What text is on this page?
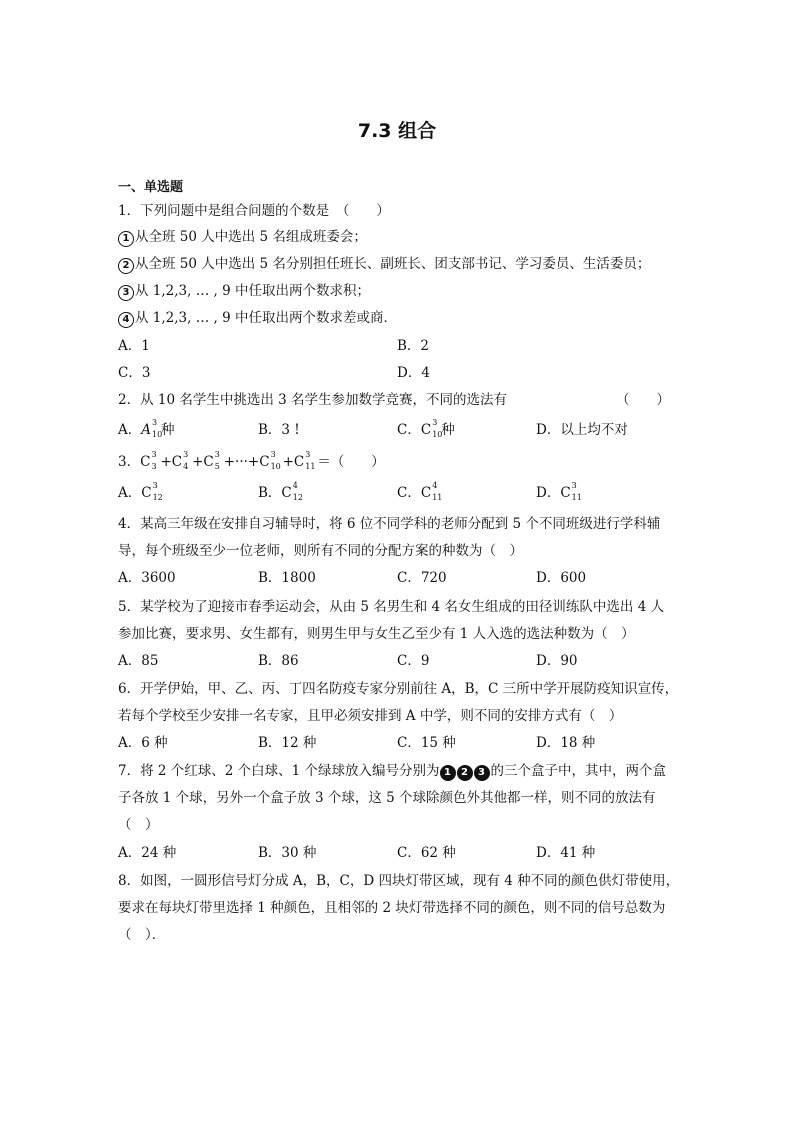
7.3 组合
一、单选题
1．下列问题中是组合问题的个数是　（　　）
1 从全班 50 人中选出 5 名组成班委会；
2 从全班 50 人中选出 5 名分别担任班长、副班长、团支部书记、学习委员、生活委员；
3 从 1,2,3, … , 9 中任取出两个数求积；
4 从 1,2,3, … , 9 中任取出两个数求差或商．
A．1	B．2
C．3	D．4
2．从 10 名学生中挑选出 3 名学生参加数学竞赛，不同的选法有	（　　）
A．A 3
10
种	B．3 !	C．C 3
10
种	D．以上均不对
3．C 3
3 +C 3
4 +C 3
5 +···+C 3
10 +C 3
11 ＝（　　）
A．C 3
12	B．C 4
12	C．C 4
11	D．C 3
11
4．某高三年级在安排自习辅导时，将 6 位不同学科的老师分配到 5 个不同班级进行学科辅
导，每个班级至少一位老师，则所有不同的分配方案的种数为（　）
A．3600	B．1800	C．720	D．600
5．某学校为了迎接市春季运动会，从由 5 名男生和 4 名女生组成的田径训练队中选出 4 人
参加比赛，要求男、女生都有，则男生甲与女生乙至少有 1 人入选的选法种数为（　）
A．85	B．86	C．9	D．90
6．开学伊始，甲、乙、丙、丁四名防疫专家分别前往 A，B，C 三所中学开展防疫知识宣传，
若每个学校至少安排一名专家，且甲必须安排到 A 中学，则不同的安排方式有（　）
A．6 种	B．12 种	C．15 种	D．18 种
7．将 2 个红球、2 个白球、1 个绿球放入编号分别为 1 2 3 的三个盒子中，其中，两个盒
子各放 1 个球，另外一个盒子放 3 个球，这 5 个球除颜色外其他都一样，则不同的放法有
（　）
A．24 种	B．30 种	C．62 种	D．41 种
8．如图，一圆形信号灯分成 A，B，C，D 四块灯带区域，现有 4 种不同的颜色供灯带使用，
要求在每块灯带里选择 1 种颜色，且相邻的 2 块灯带选择不同的颜色，则不同的信号总数为
（　）．
